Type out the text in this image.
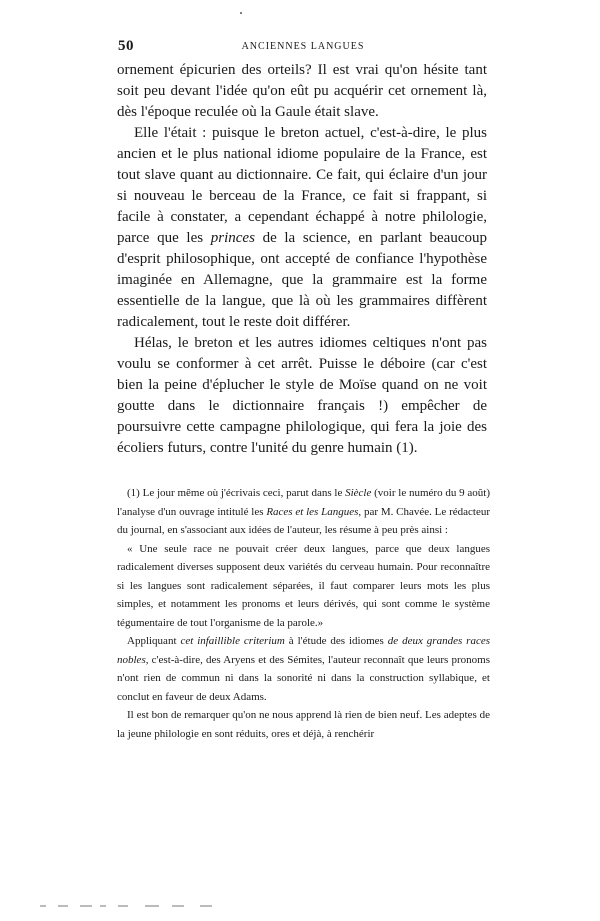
50	ANCIENNES LANGUES

ornement épicurien des orteils? Il est vrai qu'on hésite tant soit peu devant l'idée qu'on eût pu acquérir cet ornement là, dès l'époque reculée où la Gaule était slave.

Elle l'était : puisque le breton actuel, c'est-à-dire, le plus ancien et le plus national idiome populaire de la France, est tout slave quant au dictionnaire. Ce fait, qui éclaire d'un jour si nouveau le berceau de la France, ce fait si frappant, si facile à constater, a cependant échappé à notre philologie, parce que les princes de la science, en parlant beaucoup d'esprit philosophique, ont accepté de confiance l'hypothèse imaginée en Allemagne, que la grammaire est la forme essentielle de la langue, que là où les grammaires diffèrent radicalement, tout le reste doit différer.

Hélas, le breton et les autres idiomes celtiques n'ont pas voulu se conformer à cet arrêt. Puisse le déboire (car c'est bien la peine d'éplucher le style de Moïse quand on ne voit goutte dans le dictionnaire français !) empêcher de poursuivre cette campagne philologique, qui fera la joie des écoliers futurs, contre l'unité du genre humain (1).

(1) Le jour même où j'écrivais ceci, parut dans le Siècle (voir le numéro du 9 août) l'analyse d'un ouvrage intitulé les Races et les Langues, par M. Chavée. Le rédacteur du journal, en s'associant aux idées de l'auteur, les résume à peu près ainsi :

« Une seule race ne pouvait créer deux langues, parce que deux langues radicalement diverses supposent deux variétés du cerveau humain. Pour reconnaître si les langues sont radicalement séparées, il faut comparer leurs mots les plus simples, et notamment les pronoms et leurs dérivés, qui sont comme le système tégumentaire de tout l'organisme de la parole.»

Appliquant cet infaillible criterium à l'étude des idiomes de deux grandes races nobles, c'est-à-dire, des Aryens et des Sémites, l'auteur reconnaît que leurs pronoms n'ont rien de commun ni dans la sonorité ni dans la construction syllabique, et conclut en faveur de deux Adams.

Il est bon de remarquer qu'on ne nous apprend là rien de bien neuf. Les adeptes de la jeune philologie en sont réduits, ores et déjà, à renchérir
